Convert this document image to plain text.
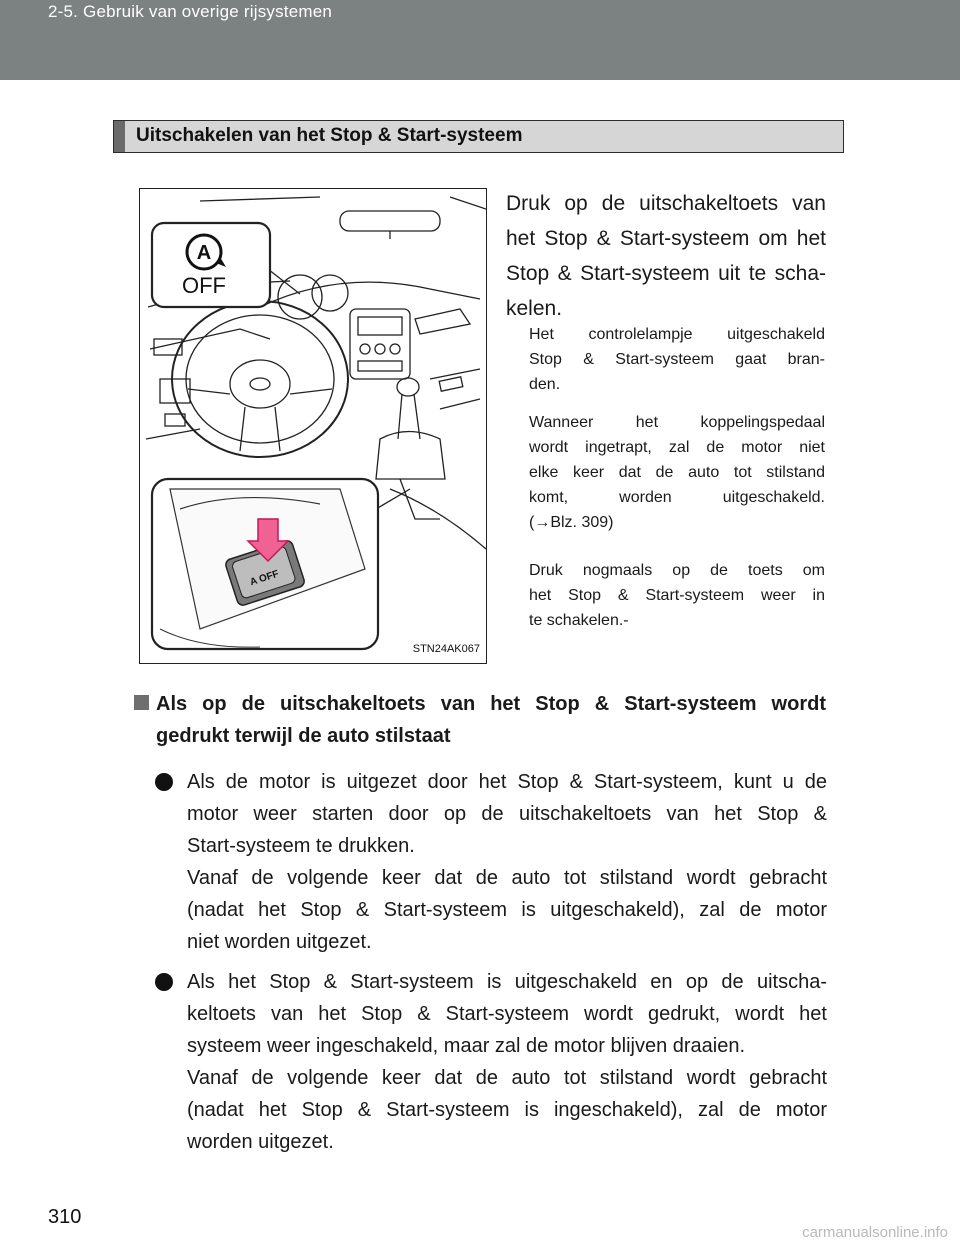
2-5. Gebruik van overige rijsystemen
Uitschakelen van het Stop & Start-systeem
A
OFF
A OFF
STN24AK067
Druk op de uitschakeltoets van
het Stop & Start-systeem om het
Stop & Start-systeem uit te scha-
kelen.
Het controlelampje uitgeschakeld
Stop & Start-systeem gaat bran-
den.
Wanneer het koppelingspedaal
wordt ingetrapt, zal de motor niet
elke keer dat de auto tot stilstand
komt, worden uitgeschakeld.
(→Blz. 309)
Druk nogmaals op de toets om
het Stop & Start-systeem weer in
te schakelen.-
Als op de uitschakeltoets van het Stop & Start-systeem wordt
gedrukt terwijl de auto stilstaat
Als de motor is uitgezet door het Stop & Start-systeem, kunt u de
motor weer starten door op de uitschakeltoets van het Stop &
Start-systeem te drukken.
Vanaf de volgende keer dat de auto tot stilstand wordt gebracht
(nadat het Stop & Start-systeem is uitgeschakeld), zal de motor
niet worden uitgezet.
Als het Stop & Start-systeem is uitgeschakeld en op de uitscha-
keltoets van het Stop & Start-systeem wordt gedrukt, wordt het
systeem weer ingeschakeld, maar zal de motor blijven draaien.
Vanaf de volgende keer dat de auto tot stilstand wordt gebracht
(nadat het Stop & Start-systeem is ingeschakeld), zal de motor
worden uitgezet.
310
carmanualsonline.info
